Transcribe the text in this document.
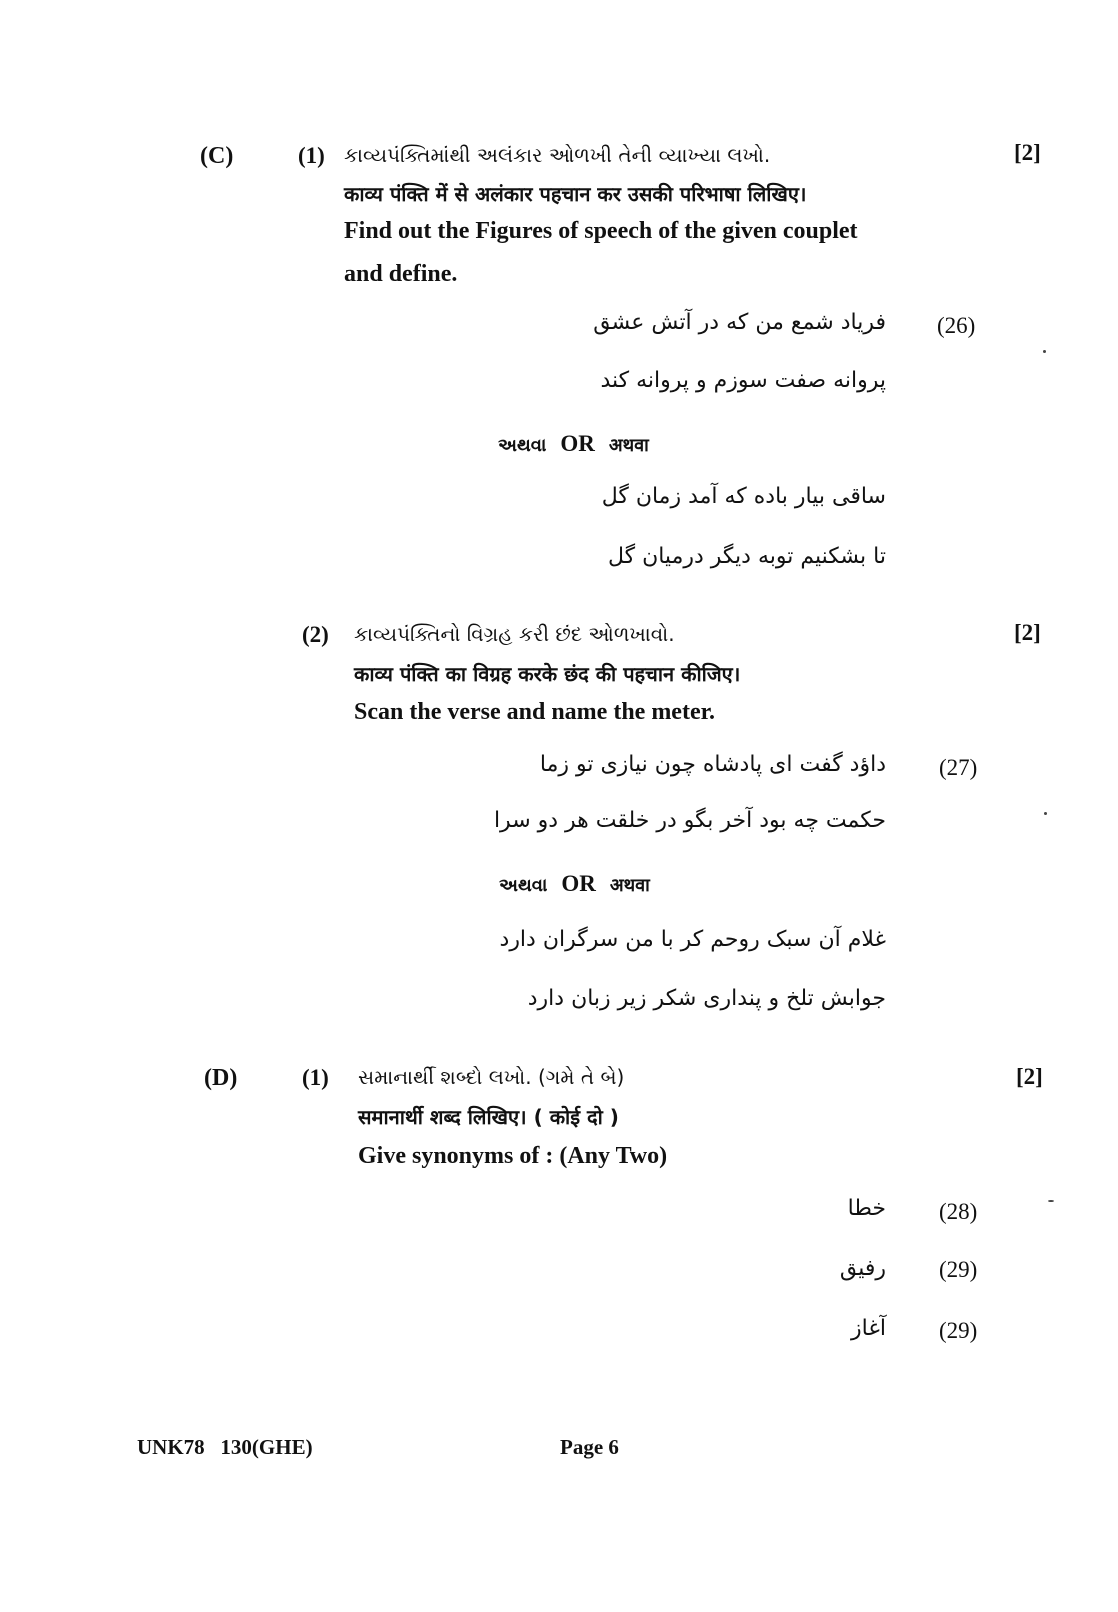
(C)	(1) કાવ્યપંક્તિમાંથી અલંકાર ઓળખી તેની વ્યાખ્યા લખો.	[2]
काव्य पंक्ति में से अलंकार पहचान कर उसकी परिभाषा लिखिए।
Find out the Figures of speech of the given couplet
and define.
فریاد شمع من که در آتش عشق (26)
پروانه صفت سوزم و پروانه کند
અથવા OR अथवा
ساقی بیار باده که آمد زمان گل
تا بشکنیم توبه دیگر درمیان گل
(2) કાવ્યપંક્તિનો વિગ્રહ કરી છંદ ઓળખાવો.	[2]
काव्य पंक्ति का विग्रह करके छंद की पहचान कीजिए।
Scan the verse and name the meter.
داؤد گفت ای پادشاه چون نیازی تو زما (27)
حکمت چه بود آخر بگو در خلقت هر دو سرا
અથવા OR अथवा
غلام آن سبک روحم کر با من سرگران دارد
جوابش تلخ و پنداری شکر زیر زبان دارد
(D)	(1) સમાનાર્થી શબ્દો લખો. (ગમે તે બે)	[2]
समानार्थी शब्द लिखिए। ( कोई दो )
Give synonyms of : (Any Two)
خطا (28)
رفیق (29)
آغاز (29)
UNK78   130(GHE)	Page 6
